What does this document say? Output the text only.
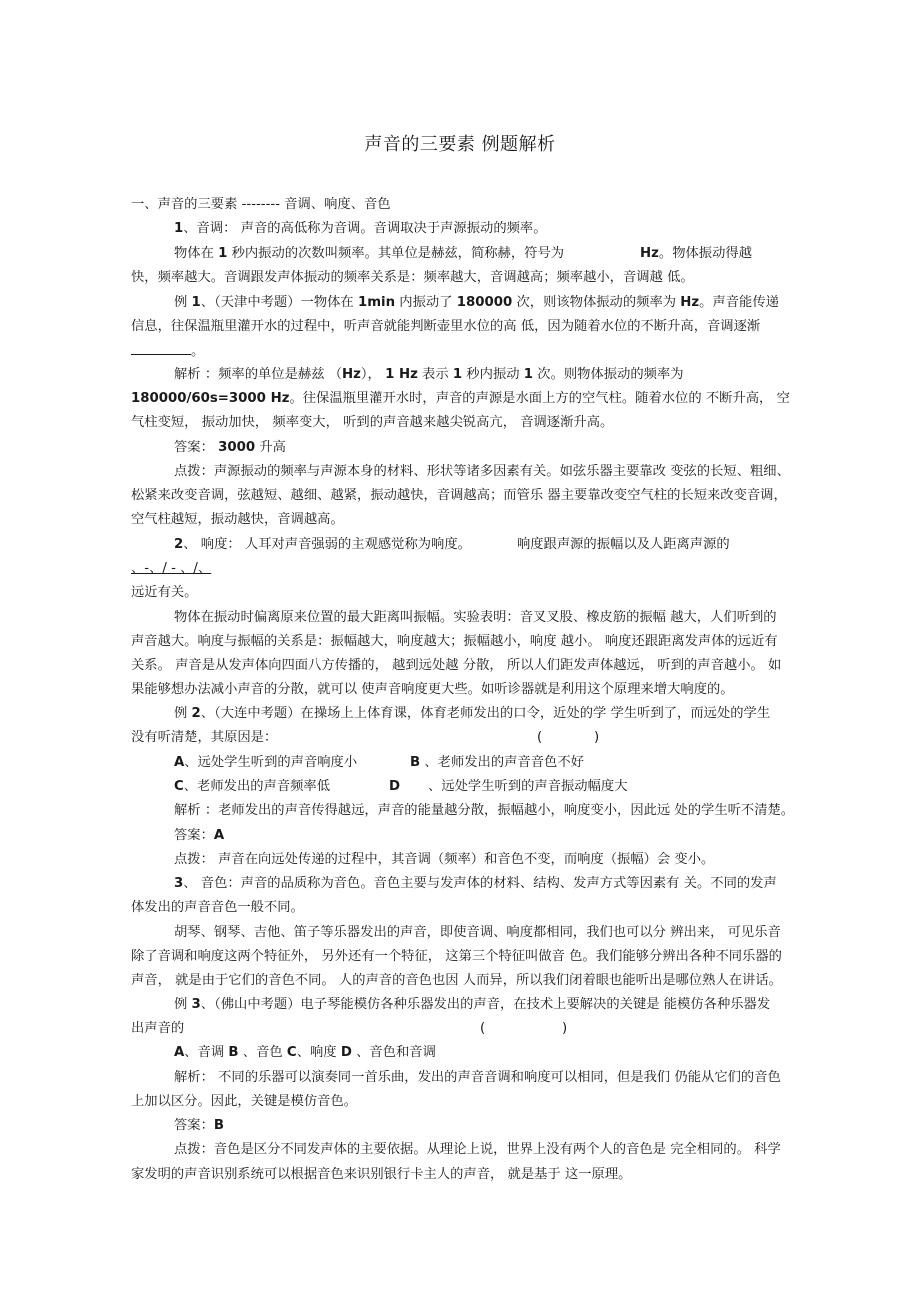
声音的三要素 例题解析
一、声音的三要素 -------- 音调、响度、音色
1、音调： 声音的高低称为音调。音调取决于声源振动的频率。
物体在 1 秒内振动的次数叫频率。其单位是赫兹，简称赫，符号为	Hz。物体振动得越
快，频率越大。音调跟发声体振动的频率关系是：频率越大，音调越高；频率越小，音调越 低。
例 1、（天津中考题）一物体在 1min 内振动了 180000 次，则该物体振动的频率为 Hz。声音能传递
信息，往保温瓶里灌开水的过程中，听声音就能判断壶里水位的高 低，因为随着水位的不断升高，音调逐渐
。
解析 ：频率的单位是赫兹 （Hz）， 1 Hz 表示 1 秒内振动 1 次。则物体振动的频率为
180000/60s=3000 Hz。往保温瓶里灌开水时，声音的声源是水面上方的空气柱。随着水位的 不断升高， 空
气柱变短， 振动加快， 频率变大， 听到的声音越来越尖锐高亢， 音调逐渐升高。
答案： 3000 升高
点拨：声源振动的频率与声源本身的材料、形状等诸多因素有关。如弦乐器主要靠改 变弦的长短、粗细、
松紧来改变音调，弦越短、越细、越紧，振动越快，音调越高；而管乐 器主要靠改变空气柱的长短来改变音调，
空气柱越短，振动越快，音调越高。
2、 响度： 人耳对声音强弱的主观感觉称为响度。	响度跟声源的振幅以及人距离声源的
、-、/ - 、/、
远近有关。
物体在振动时偏离原来位置的最大距离叫振幅。实验表明：音叉叉股、橡皮筋的振幅 越大，人们听到的
声音越大。响度与振幅的关系是：振幅越大，响度越大；振幅越小，响度 越小。 响度还跟距离发声体的远近有
关系。 声音是从发声体向四面八方传播的， 越到远处越 分散， 所以人们距发声体越远， 听到的声音越小。 如
果能够想办法减小声音的分散，就可以 使声音响度更大些。如听诊器就是利用这个原理来增大响度的。
例 2、（大连中考题）在操场上上体育课，体育老师发出的口令，近处的学 学生听到了，而远处的学生
没有听清楚，其原因是：	(	)
A、远处学生听到的声音响度小	B 、老师发出的声音音色不好
C、老师发出的声音频率低	D 、远处学生听到的声音振动幅度大
解析 ：老师发出的声音传得越远，声音的能量越分散，振幅越小，响度变小，因此远 处的学生听不清楚。
答案：A
点拨： 声音在向远处传递的过程中，其音调（频率）和音色不变，而响度（振幅）会 变小。
3、 音色：声音的品质称为音色。音色主要与发声体的材料、结构、发声方式等因素有 关。不同的发声
体发出的声音音色一般不同。
胡琴、钢琴、吉他、笛子等乐器发出的声音，即使音调、响度都相同，我们也可以分 辨出来， 可见乐音
除了音调和响度这两个特征外， 另外还有一个特征， 这第三个特征叫做音 色。我们能够分辨出各种不同乐器的
声音， 就是由于它们的音色不同。 人的声音的音色也因 人而异，所以我们闭着眼也能听出是哪位熟人在讲话。
例 3、（佛山中考题）电子琴能模仿各种乐器发出的声音，在技术上要解决的关键是 能模仿各种乐器发
出声音的	(	)
A、音调 B 、音色 C、响度 D 、音色和音调
解析： 不同的乐器可以演奏同一首乐曲，发出的声音音调和响度可以相同，但是我们 仍能从它们的音色
上加以区分。因此，关键是模仿音色。
答案：B
点拨：音色是区分不同发声体的主要依据。从理论上说，世界上没有两个人的音色是 完全相同的。 科学
家发明的声音识别系统可以根据音色来识别银行卡主人的声音， 就是基于 这一原理。
